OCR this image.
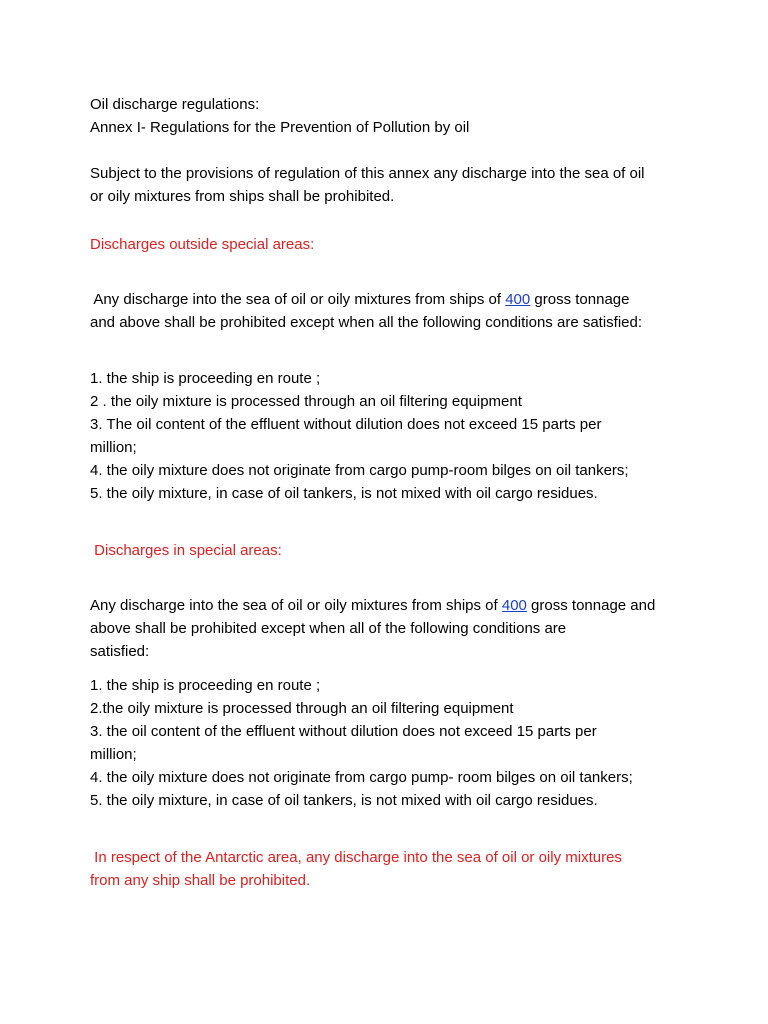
Oil discharge regulations:
Annex I- Regulations for the Prevention of Pollution by oil
Subject to the provisions of regulation of this annex any discharge into the sea of oil
or oily mixtures from ships shall be prohibited.
Discharges outside special areas:
Any discharge into the sea of oil or oily mixtures from ships of 400 gross tonnage
and above shall be prohibited except when all the following conditions are satisfied:
1. the ship is proceeding en route ;
2 . the oily mixture is processed through an oil filtering equipment
3. The oil content of the effluent without dilution does not exceed 15 parts per
million;
4. the oily mixture does not originate from cargo pump-room bilges on oil tankers;
5. the oily mixture, in case of oil tankers, is not mixed with oil cargo residues.
Discharges in special areas:
Any discharge into the sea of oil or oily mixtures from ships of 400 gross tonnage and
above shall be prohibited except when all of the following conditions are
satisfied:
1. the ship is proceeding en route ;
2.the oily mixture is processed through an oil filtering equipment
3. the oil content of the effluent without dilution does not exceed 15 parts per
million;
4. the oily mixture does not originate from cargo pump- room bilges on oil tankers;
5. the oily mixture, in case of oil tankers, is not mixed with oil cargo residues.
In respect of the Antarctic area, any discharge into the sea of oil or oily mixtures
from any ship shall be prohibited.
